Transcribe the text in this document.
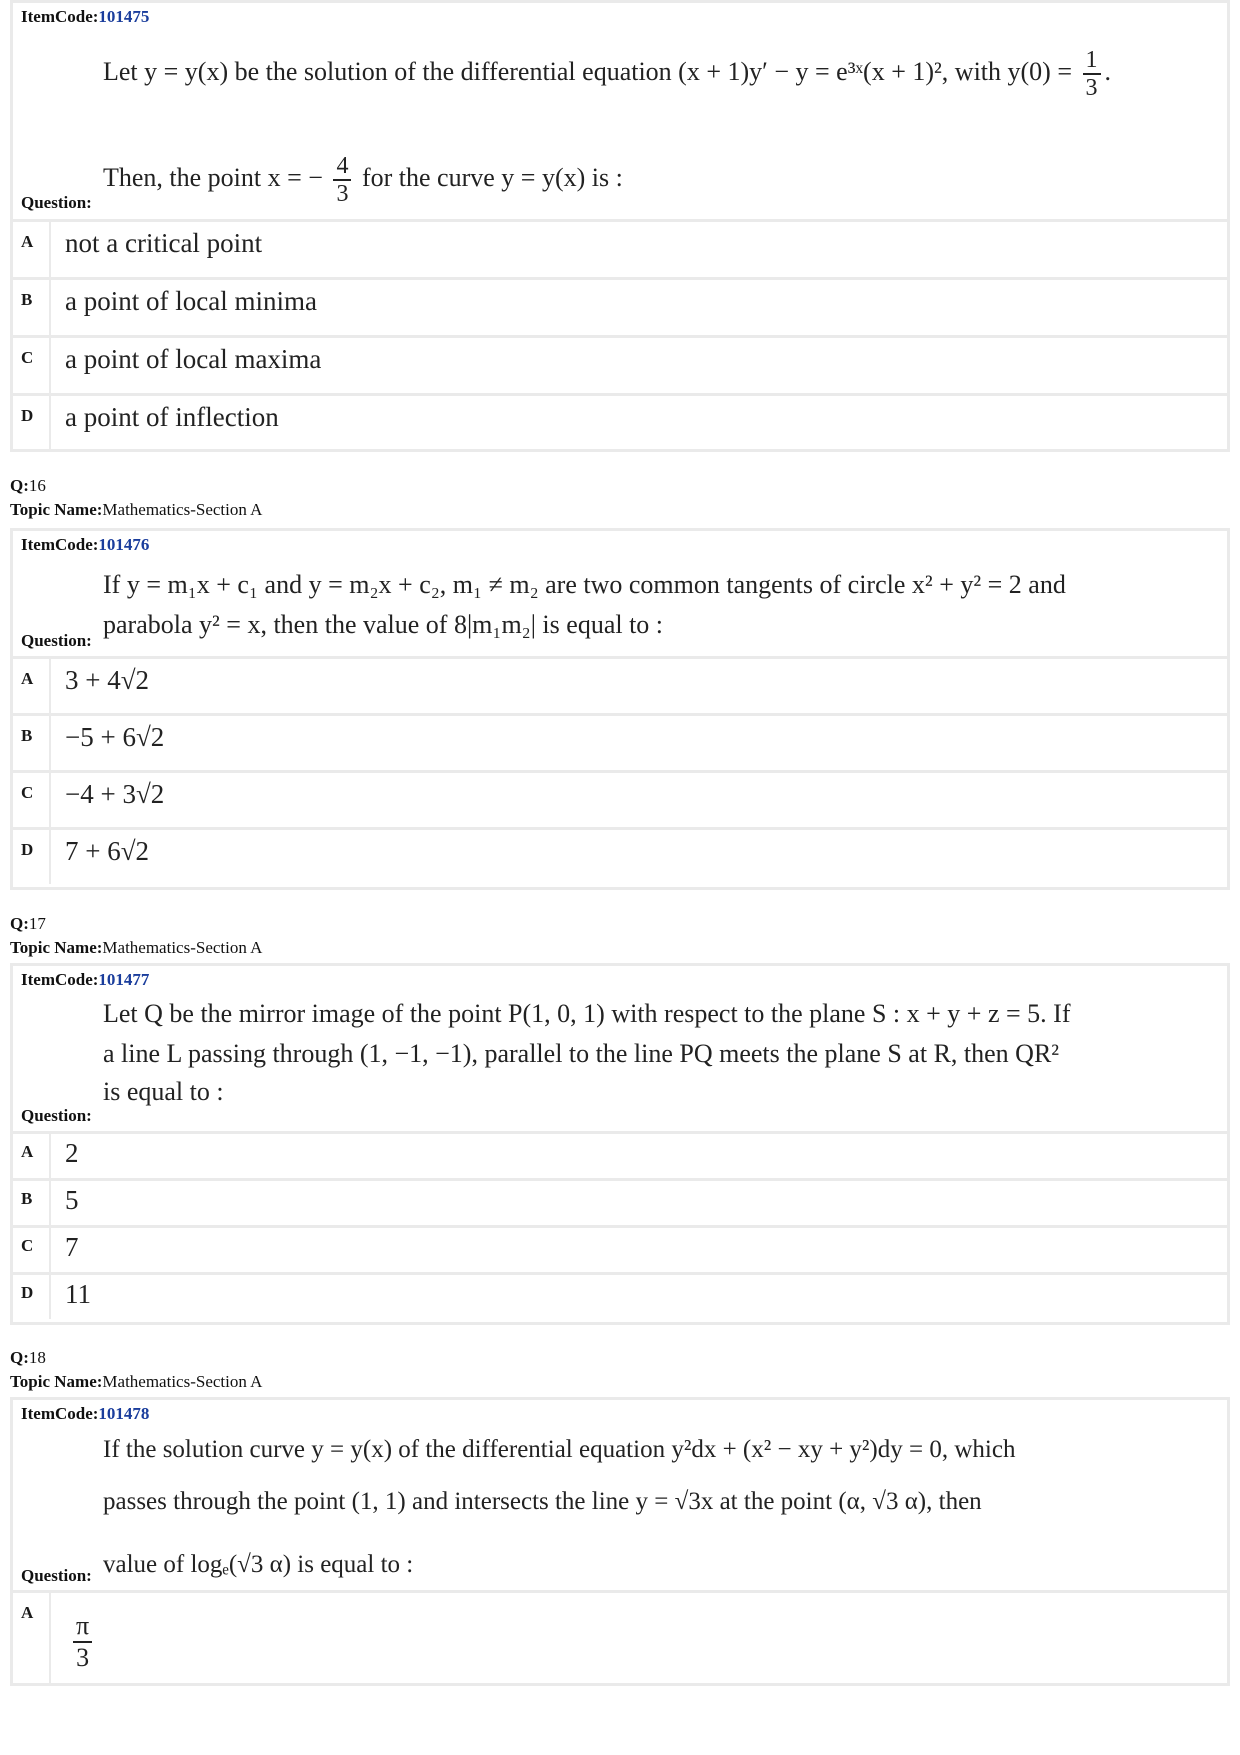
ItemCode:101475
Let y = y(x) be the solution of the differential equation (x + 1)y′ − y = e³ˣ(x + 1)², with $y(0) = \frac{1}{3}$ .
Then, the point x = − $\frac{4}{3}$ for the curve y = y(x) is :
Question:
A	not a critical point
B	a point of local minima
C	a point of local maxima
D	a point of inflection
Q:16
Topic Name:Mathematics-Section A
ItemCode:101476
If y = m₁x + c₁ and y = m₂x + c₂, m₁ ≠ m₂ are two common tangents of circle x² + y² = 2 and
parabola y² = x, then the value of 8|m₁m₂| is equal to :
Question:
A	3 + 4√2
B	−5 + 6√2
C	−4 + 3√2
D	7 + 6√2
Q:17
Topic Name:Mathematics-Section A
ItemCode:101477
Let Q be the mirror image of the point P(1, 0, 1) with respect to the plane S : x + y + z = 5. If
a line L passing through (1, −1, −1), parallel to the line PQ meets the plane S at R, then QR²
is equal to :
Question:
A	2
B	5
C	7
D	11
Q:18
Topic Name:Mathematics-Section A
ItemCode:101478
If the solution curve y = y(x) of the differential equation y²dx + (x² − xy + y²)dy = 0, which
passes through the point (1, 1) and intersects the line y = √3x at the point (α, √3 α), then
value of logₑ(√3 α) is equal to :
Question:
A	$\frac{\pi}{3}$
